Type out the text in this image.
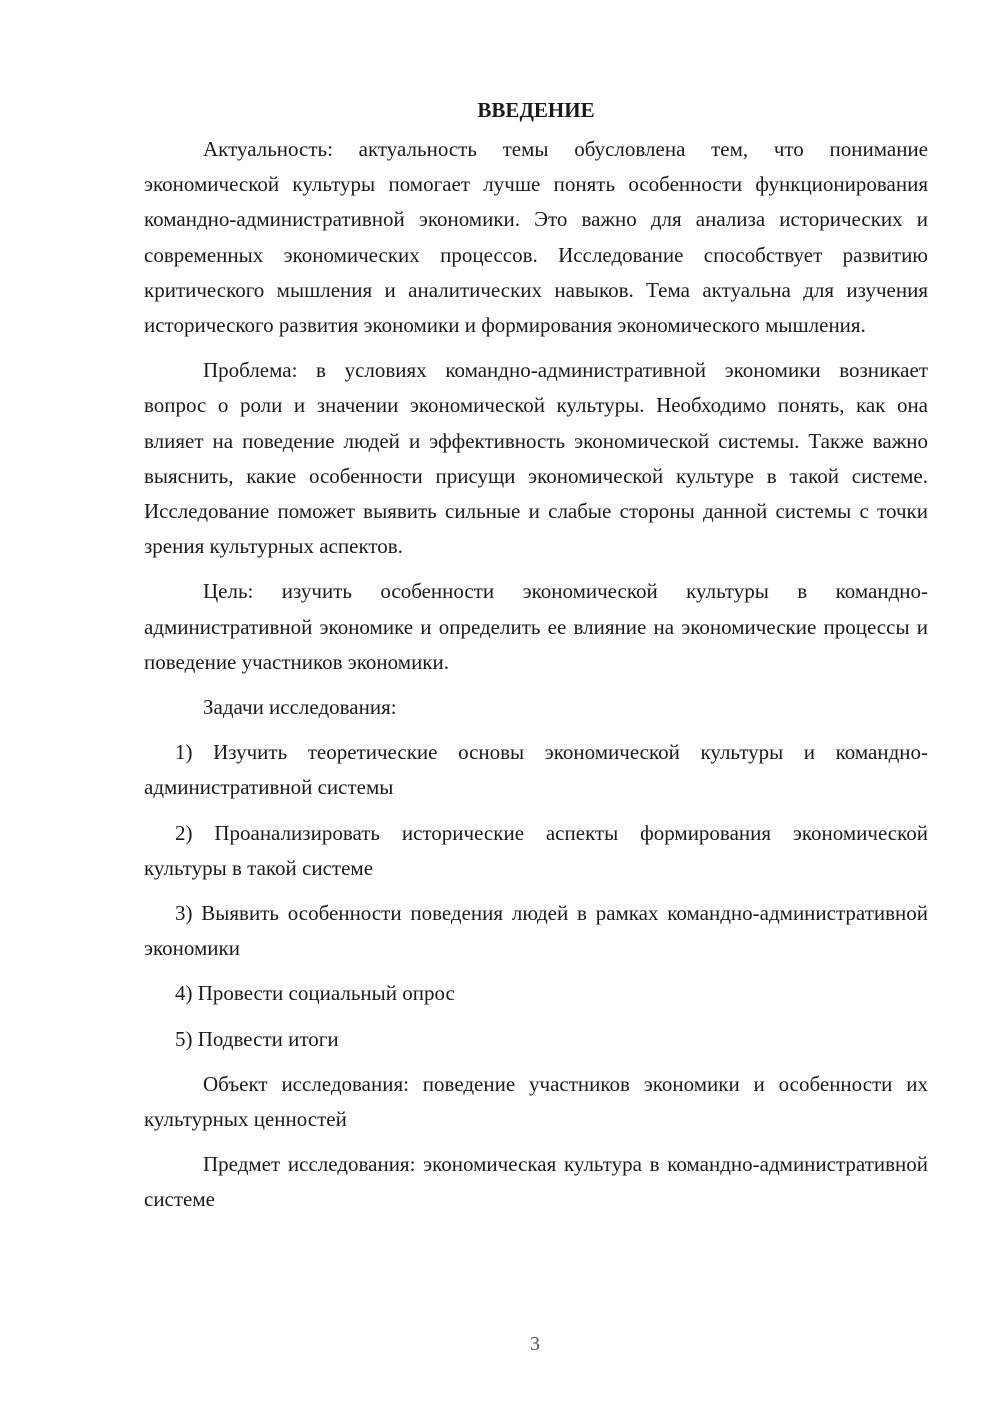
ВВЕДЕНИЕ

Актуальность: актуальность темы обусловлена тем, что понимание экономической культуры помогает лучше понять особенности функционирования командно-административной экономики. Это важно для анализа исторических и современных экономических процессов. Исследование способствует развитию критического мышления и аналитических навыков. Тема актуальна для изучения исторического развития экономики и формирования экономического мышления.

Проблема: в условиях командно-административной экономики возникает вопрос о роли и значении экономической культуры. Необходимо понять, как она влияет на поведение людей и эффективность экономической системы. Также важно выяснить, какие особенности присущи экономической культуре в такой системе. Исследование поможет выявить сильные и слабые стороны данной системы с точки зрения культурных аспектов.

Цель: изучить особенности экономической культуры в командно-административной экономике и определить ее влияние на экономические процессы и поведение участников экономики.

Задачи исследования:

1) Изучить теоретические основы экономической культуры и командно-административной системы

2) Проанализировать исторические аспекты формирования экономической культуры в такой системе

3) Выявить особенности поведения людей в рамках командно-административной экономики

4) Провести социальный опрос

5) Подвести итоги

Объект исследования: поведение участников экономики и особенности их культурных ценностей

Предмет исследования: экономическая культура в командно-административной системе

3
